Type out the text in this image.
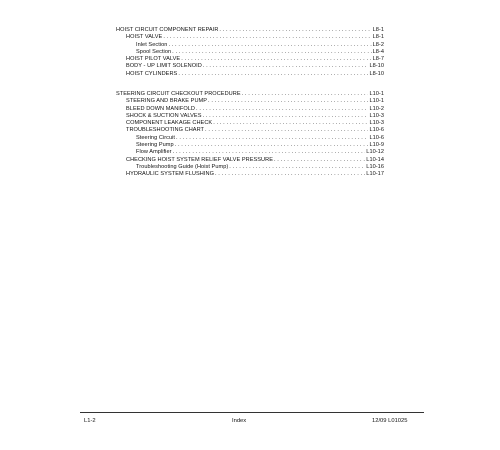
HOIST CIRCUIT COMPONENT REPAIR . . .	L8-1
HOIST VALVE . . .	L8-1
Inlet Section . . .	L8-2
Spool Section . . .	L8-4
HOIST PILOT VALVE . . .	L8-7
BODY - UP LIMIT SOLENOID . . .	L8-10
HOIST CYLINDERS . . .	L8-10
STEERING CIRCUIT CHECKOUT PROCEDURE . . .	L10-1
STEERING AND BRAKE PUMP . . .	L10-1
BLEED DOWN MANIFOLD . . .	L10-2
SHOCK & SUCTION VALVES . . .	L10-3
COMPONENT LEAKAGE CHECK . . .	L10-3
TROUBLESHOOTING CHART . . .	L10-6
Steering Circuit . . .	L10-6
Steering Pump . . .	L10-9
Flow Amplifier . . .	L10-12
CHECKING HOIST SYSTEM RELIEF VALVE PRESSURE . . .	L10-14
Troubleshooting Guide (Hoist Pump) . . .	L10-16
HYDRAULIC SYSTEM FLUSHING . . .	L10-17
L1-2	Index	12/09 L01025
